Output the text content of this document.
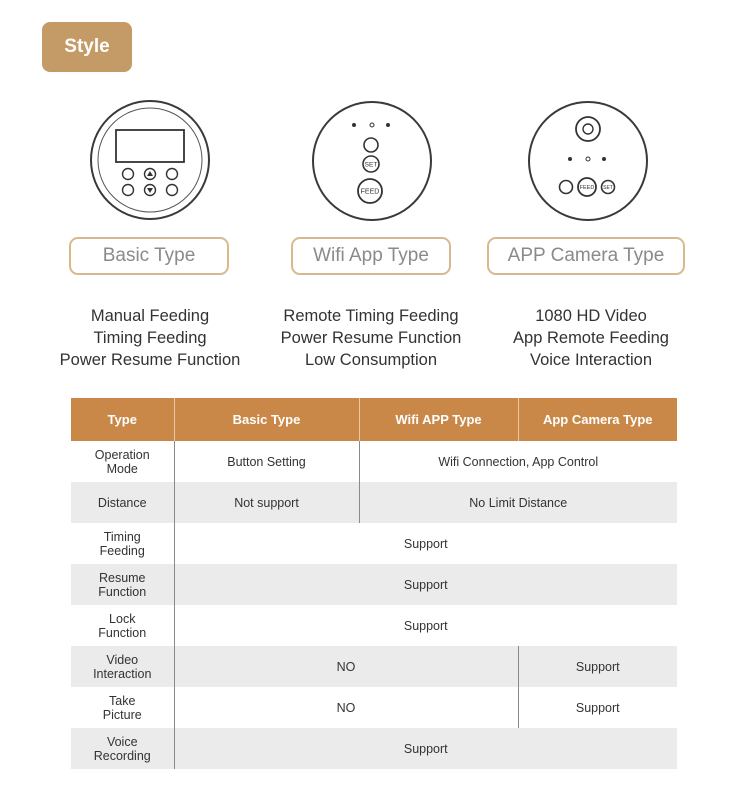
Style
SET
FEED
FEED SET
Basic Type	Wifi App Type	APP Camera Type
Manual Feeding
Timing Feeding
Power Resume Function
Remote Timing Feeding
Power Resume Function
Low Consumption
1080 HD Video
App Remote Feeding
Voice Interaction
Type	Basic Type	Wifi APP Type	App Camera Type
Operation
Mode	Button Setting	Wifi Connection, App Control	
Distance	Not support	No Limit Distance	
Timing
Feeding	Support		
Resume
Function	Support		
Lock
Function	Support		
Video
Interaction	NO		Support
Take
Picture	NO		Support
Voice
Recording	Support		
